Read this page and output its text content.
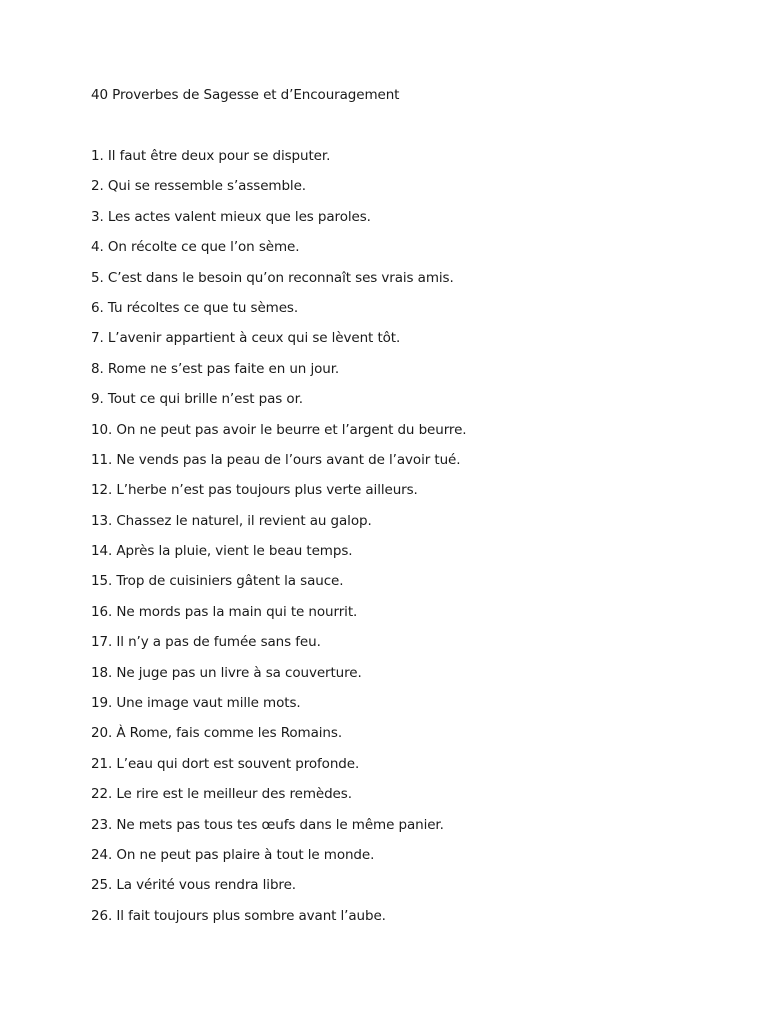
40 Proverbes de Sagesse et d’Encouragement
1. Il faut être deux pour se disputer.
2. Qui se ressemble s’assemble.
3. Les actes valent mieux que les paroles.
4. On récolte ce que l’on sème.
5. C’est dans le besoin qu’on reconnaît ses vrais amis.
6. Tu récoltes ce que tu sèmes.
7. L’avenir appartient à ceux qui se lèvent tôt.
8. Rome ne s’est pas faite en un jour.
9. Tout ce qui brille n’est pas or.
10. On ne peut pas avoir le beurre et l’argent du beurre.
11. Ne vends pas la peau de l’ours avant de l’avoir tué.
12. L’herbe n’est pas toujours plus verte ailleurs.
13. Chassez le naturel, il revient au galop.
14. Après la pluie, vient le beau temps.
15. Trop de cuisiniers gâtent la sauce.
16. Ne mords pas la main qui te nourrit.
17. Il n’y a pas de fumée sans feu.
18. Ne juge pas un livre à sa couverture.
19. Une image vaut mille mots.
20. À Rome, fais comme les Romains.
21. L’eau qui dort est souvent profonde.
22. Le rire est le meilleur des remèdes.
23. Ne mets pas tous tes œufs dans le même panier.
24. On ne peut pas plaire à tout le monde.
25. La vérité vous rendra libre.
26. Il fait toujours plus sombre avant l’aube.
